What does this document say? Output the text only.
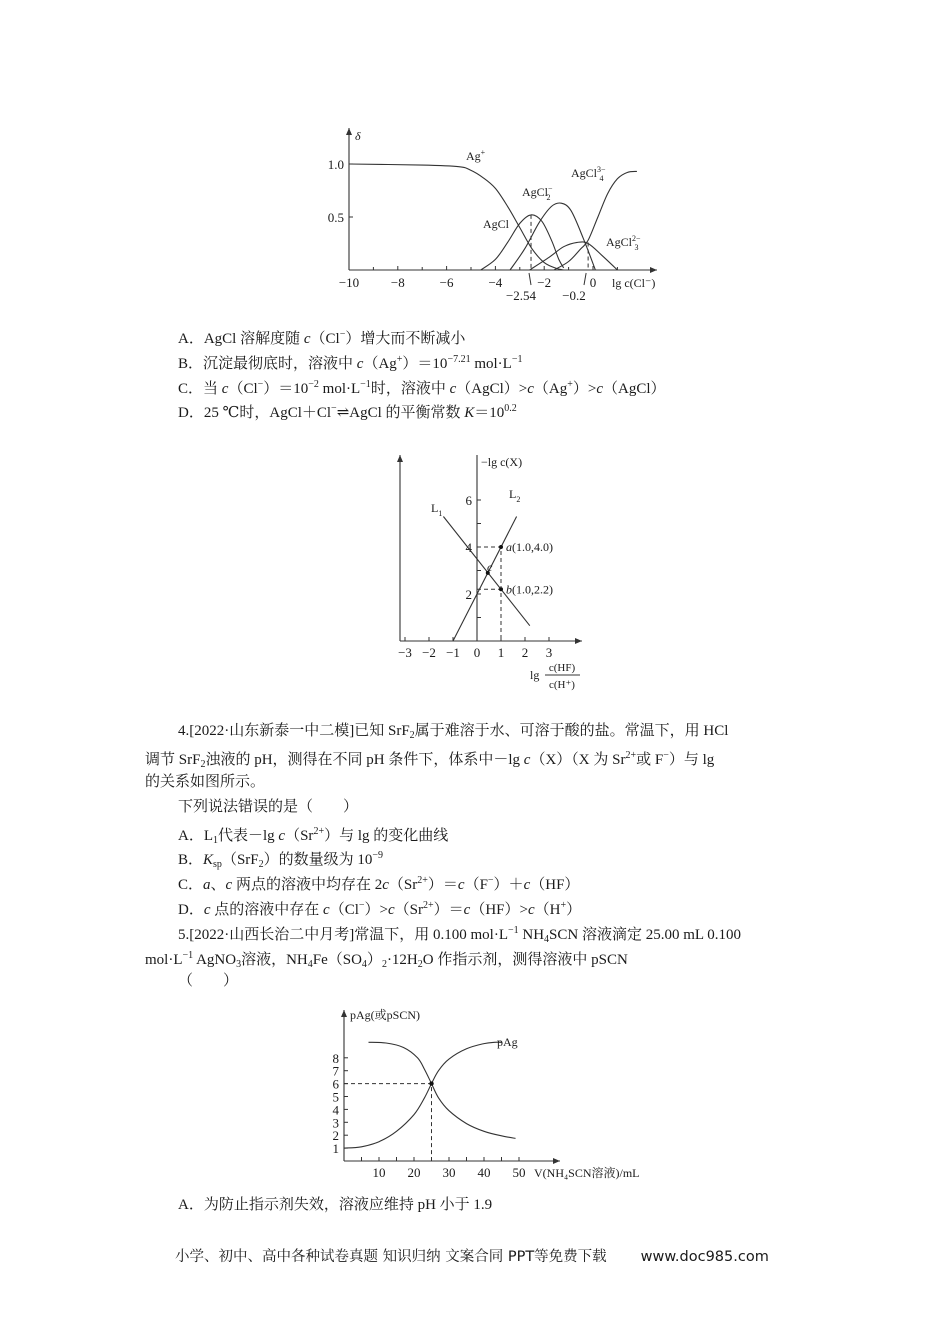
A．AgCl 溶解度随 c（Cl−）增大而不断减小
B．沉淀最彻底时，溶液中 $c(Ag^+)=10^{-7.21}$ $mol\cdot L^{-1}$
C．当 $c(Cl^-)=10^{-2}$ $mol\cdot L^{-1}$时，溶液中 c（AgCl）>c（Ag+）>c（AgCl）
D．25 ℃时，AgCl＋Cl−⇌AgCl 的平衡常数 $K=10^{0.2}$
4.[2022·山东新泰一中二模]已知 SrF$_2$属于难溶于水、可溶于酸的盐。常温下，用 HCl
调节 SrF$_2$浊液的 pH，测得在不同 pH 条件下，体系中－lg c（X）（X 为 $Sr^{2+}$或 F−）与 lg
的关系如图所示。
下列说法错误的是（　　）
A．$L_1$代表－lg $c(Sr^{2+})$与 lg 的变化曲线
B．$K_{sp}(SrF_2)$的数量级为 $10^{-9}$
C．a、c 两点的溶液中均存在 $2c(Sr^{2+})=c(F^-)+c(HF)$
D．c 点的溶液中存在 $c(Cl^-)>c(Sr^{2+})=c(HF)>c(H^+)$
5.[2022·山西长治二中月考]常温下，用 0.100 $mol\cdot L^{-1}$ $NH_4SCN$ 溶液滴定 25.00 mL 0.100
$mol\cdot L^{-1}$ AgNO$_3$溶液，$NH_4Fe(SO_4)_2\cdot 12H_2O$ 作指示剂，测得溶液中 pSCN
（　　）
A．为防止指示剂失效，溶液应维持 pH 小于 1.9
−10 −8	−6	−4	−2	0
1.0
0.5
δ
lg c(Cl⁻)
−2.54 −0.2
Ag+
AgCl
AgCl− 2
AgCl$^{3-}$ 4
AgCl$^{2-}$ 3
−3 −2 −1 0 1 2 3
2
4
6
−lg c(X)
$L_1$
$L_2$
a(1.0,4.0)
b(1.0,2.2)
c
lg c(HF)
c(H⁺)
10 20 30 40 50
1
2
3
4
5
6
7
8
pAg(或pSCN)
V(NH₄SCN溶液)/mL
pAg
小学、初中、高中各种试卷真题 知识归纳 文案合同 PPT等免费下载 www.doc985.com
